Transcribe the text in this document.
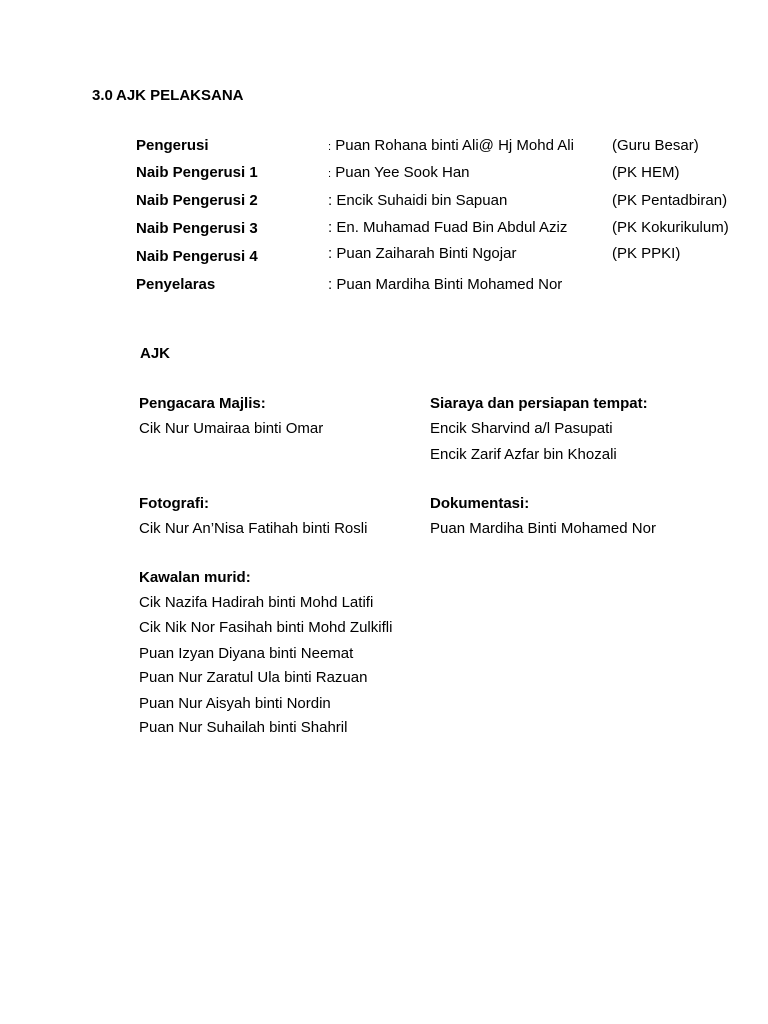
3.0 AJK PELAKSANA
Pengerusi	: Puan Rohana binti Ali@ Hj Mohd Ali	(Guru Besar)
Naib Pengerusi 1	: Puan Yee Sook Han	(PK HEM)
Naib Pengerusi 2	: Encik Suhaidi bin Sapuan	(PK Pentadbiran)
Naib Pengerusi 3	: En. Muhamad Fuad Bin Abdul Aziz	(PK Kokurikulum)
Naib Pengerusi 4	: Puan Zaiharah Binti Ngojar	(PK PPKI)
Penyelaras	: Puan Mardiha Binti Mohamed Nor
AJK
Pengacara Majlis:
Cik Nur Umairaa binti Omar
Siaraya dan persiapan tempat:
Encik Sharvind a/l Pasupati
Encik Zarif Azfar bin Khozali
Fotografi:
Cik Nur An’Nisa Fatihah binti Rosli
Dokumentasi:
Puan Mardiha Binti Mohamed Nor
Kawalan murid:
Cik Nazifa Hadirah binti Mohd Latifi
Cik Nik Nor Fasihah binti Mohd Zulkifli
Puan Izyan Diyana binti Neemat
Puan Nur Zaratul Ula binti Razuan
Puan Nur Aisyah binti Nordin
Puan Nur Suhailah binti Shahril
